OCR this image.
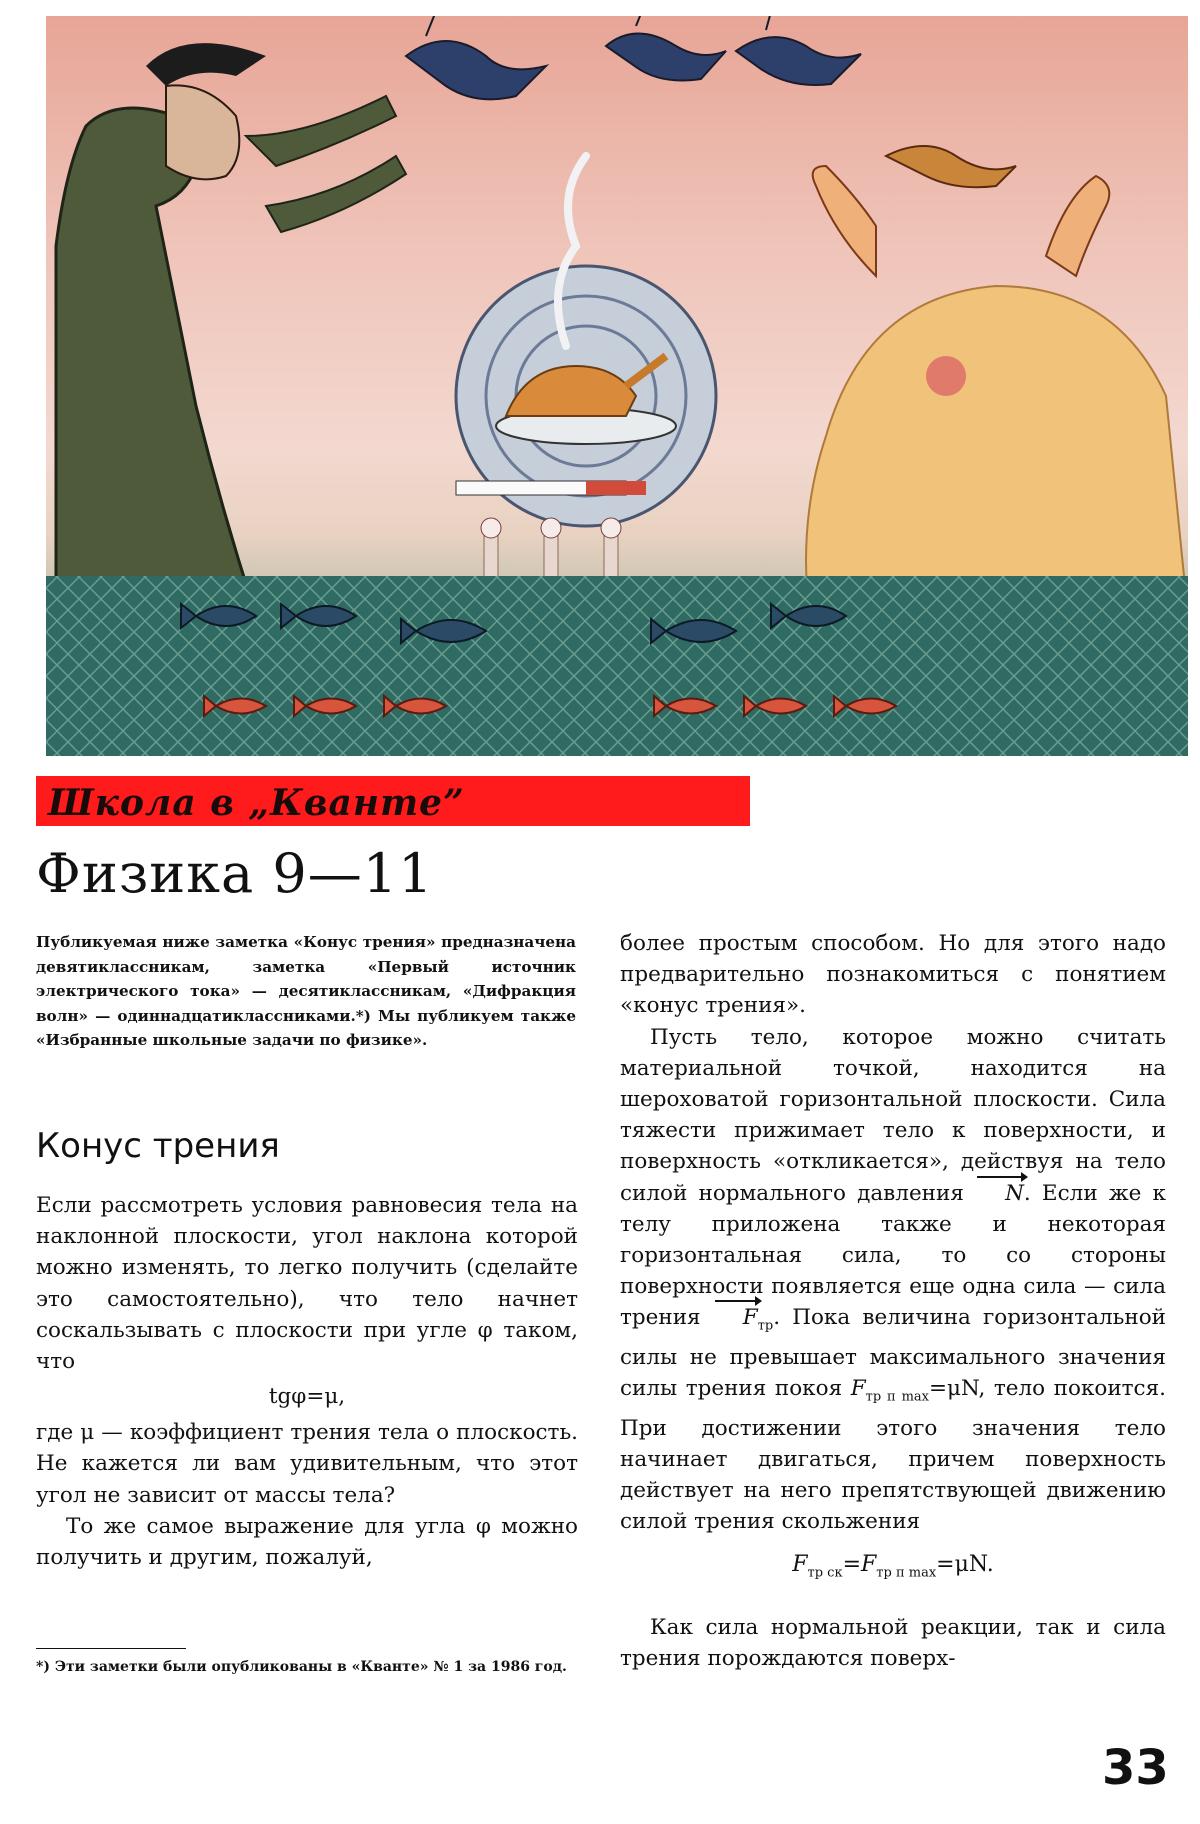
Школа в „Кванте”
Физика 9—11

Публикуемая ниже заметка «Конус трения» предназначена девятиклассникам, заметка «Первый источник электрического тока» — десятиклассникам, «Дифракция волн» — одиннадцатиклассниками.*) Мы публикуем также «Избранные школьные задачи по физике».

Конус трения

Если рассмотреть условия равновесия тела на наклонной плоскости, угол наклона которой можно изменять, то легко получить (сделайте это самостоятельно), что тело начнет соскальзывать с плоскости при угле φ таком, что

tgφ=μ,

где μ — коэффициент трения тела о плоскость. Не кажется ли вам удивительным, что этот угол не зависит от массы тела?

То же самое выражение для угла φ можно получить и другим, пожалуй,

более простым способом. Но для этого надо предварительно познакомиться с понятием «конус трения».

Пусть тело, которое можно считать материальной точкой, находится на шероховатой горизонтальной плоскости. Сила тяжести прижимает тело к поверхности, и поверхность «откликается», действуя на тело силой нормального давления N. Если же к телу приложена также и некоторая горизонтальная сила, то со стороны поверхности появляется еще одна сила — сила трения $F_{тр}$. Пока величина горизонтальной силы не превышает максимального значения силы трения покоя $F_{тр п max}=\mu N$, тело покоится. При достижении этого значения тело начинает двигаться, причем поверхность действует на него препятствующей движению силой трения скольжения

$F_{тр ск}=F_{тр п max}=\mu N$.

Как сила нормальной реакции, так и сила трения порождаются поверх-

*) Эти заметки были опубликованы в «Кванте» № 1 за 1986 год.

33
